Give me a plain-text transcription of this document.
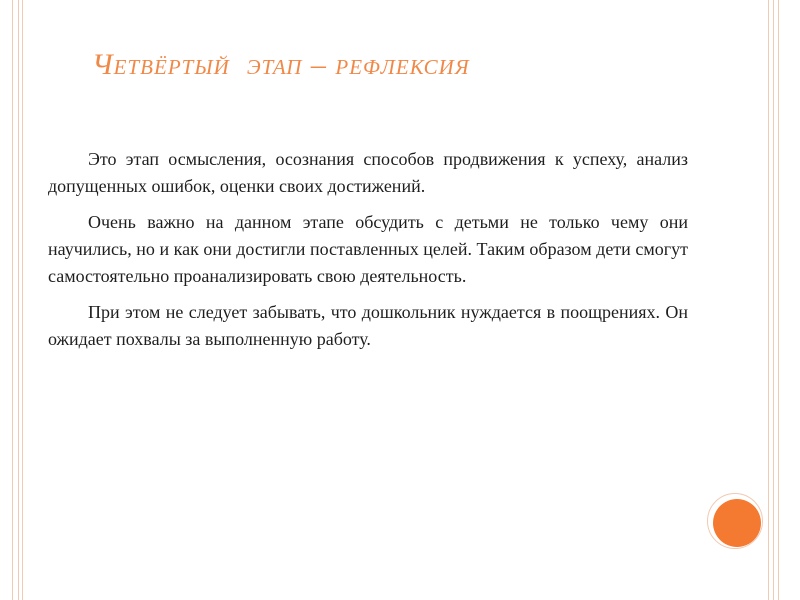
Четвёртый  этап – рефлексия

Это этап осмысления, осознания способов продвижения к успеху, анализ допущенных ошибок, оценки своих достижений.

Очень важно на данном этапе обсудить с детьми не только чему они научились, но и как они достигли поставленных целей. Таким образом дети смогут самостоятельно проанализировать свою деятельность.

При этом не следует забывать, что дошкольник нуждается в поощрениях. Он ожидает похвалы за выполненную работу.
